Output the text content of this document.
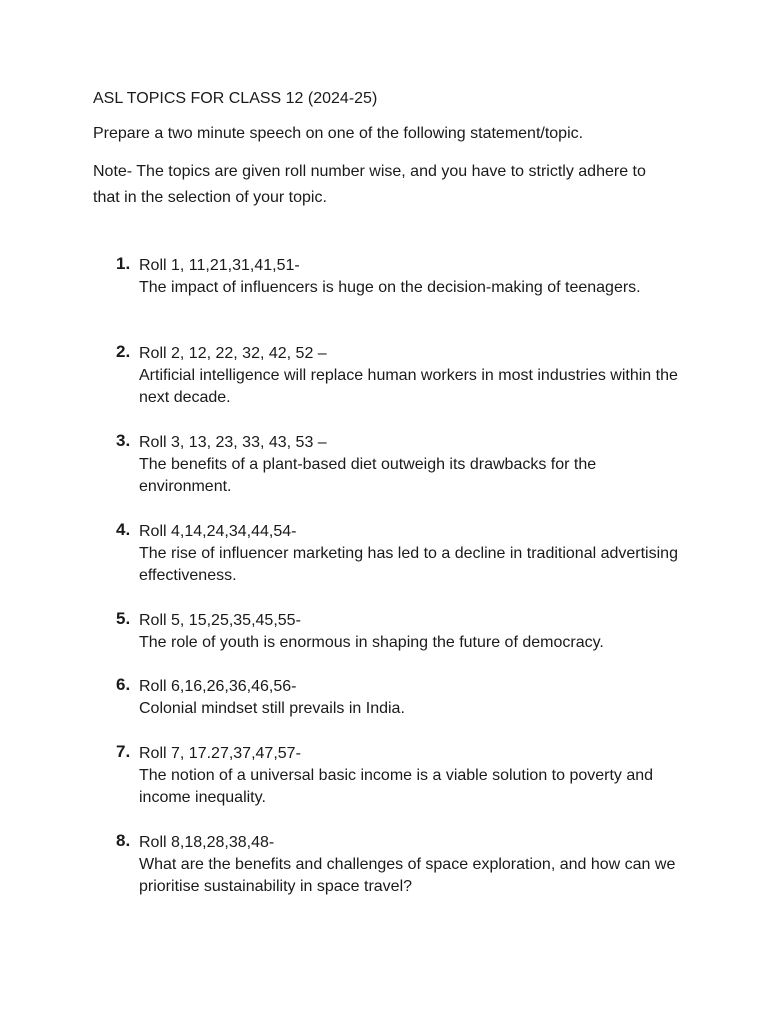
ASL TOPICS FOR CLASS 12 (2024-25)
Prepare a two minute speech on one of the following statement/topic.
Note- The topics are given roll number wise, and you have to strictly adhere to that in the selection of your topic.
1. Roll 1, 11,21,31,41,51-
The impact of influencers is huge on the decision-making of teenagers.
2. Roll 2, 12, 22, 32, 42, 52 –
Artificial intelligence will replace human workers in most industries within the next decade.
3. Roll 3, 13, 23, 33, 43, 53 –
The benefits of a plant-based diet outweigh its drawbacks for the environment.
4. Roll 4,14,24,34,44,54-
The rise of influencer marketing has led to a decline in traditional advertising effectiveness.
5. Roll 5, 15,25,35,45,55-
The role of youth is enormous in shaping the future of democracy.
6. Roll 6,16,26,36,46,56-
Colonial mindset still prevails in India.
7. Roll 7, 17.27,37,47,57-
The notion of a universal basic income is a viable solution to poverty and income inequality.
8. Roll 8,18,28,38,48-
What are the benefits and challenges of space exploration, and how can we prioritise sustainability in space travel?
